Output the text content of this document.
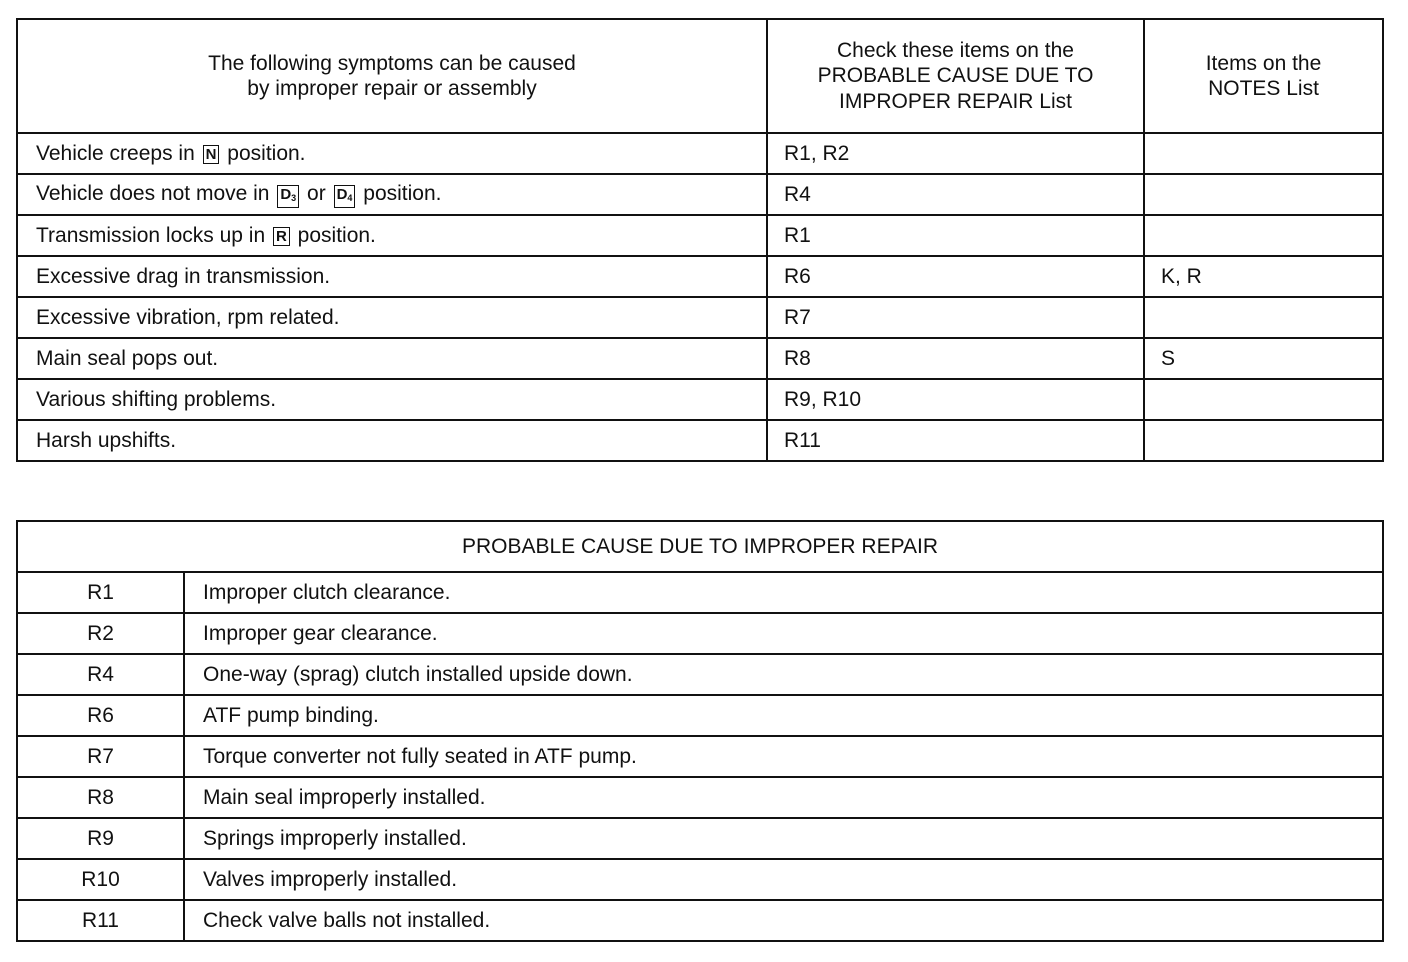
The following symptoms can be caused
by improper repair or assembly	Check these items on the
PROBABLE CAUSE DUE TO
IMPROPER REPAIR List	Items on the
NOTES List

Vehicle creeps in N position.	R1, R2	
Vehicle does not move in $D_3$ or $D_4$ position.	R4	
Transmission locks up in R position.	R1	
Excessive drag in transmission.	R6	K, R
Excessive vibration, rpm related.	R7	
Main seal pops out.	R8	S
Various shifting problems.	R9, R10	
Harsh upshifts.	R11	
PROBABLE CAUSE DUE TO IMPROPER REPAIR	
R1	Improper clutch clearance.
R2	Improper gear clearance.
R4	One-way (sprag) clutch installed upside down.
R6	ATF pump binding.
R7	Torque converter not fully seated in ATF pump.
R8	Main seal improperly installed.
R9	Springs improperly installed.
R10	Valves improperly installed.
R11	Check valve balls not installed.
